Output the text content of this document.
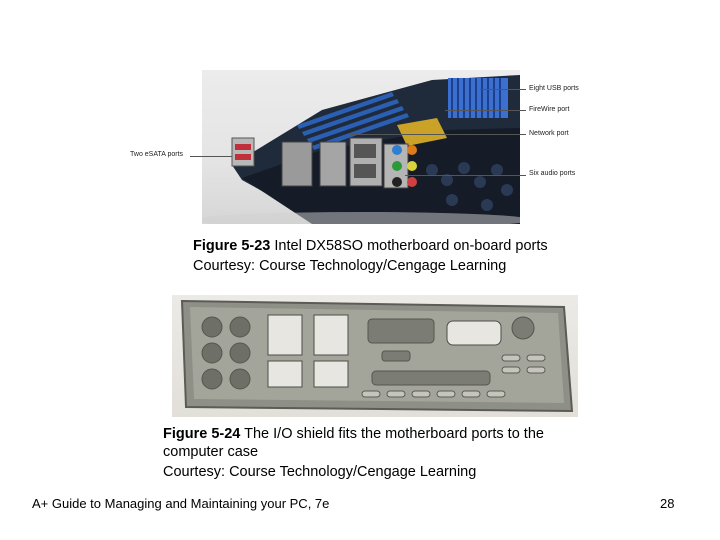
Eight USB ports
FireWire port
Network port
Six audio ports
Two eSATA ports
Figure 5-23 Intel DX58SO motherboard on-board ports
Courtesy: Course Technology/Cengage Learning
Figure 5-24 The I/O shield fits the motherboard ports to the
computer case
Courtesy: Course Technology/Cengage Learning
A+ Guide to Managing and Maintaining your PC, 7e	28
